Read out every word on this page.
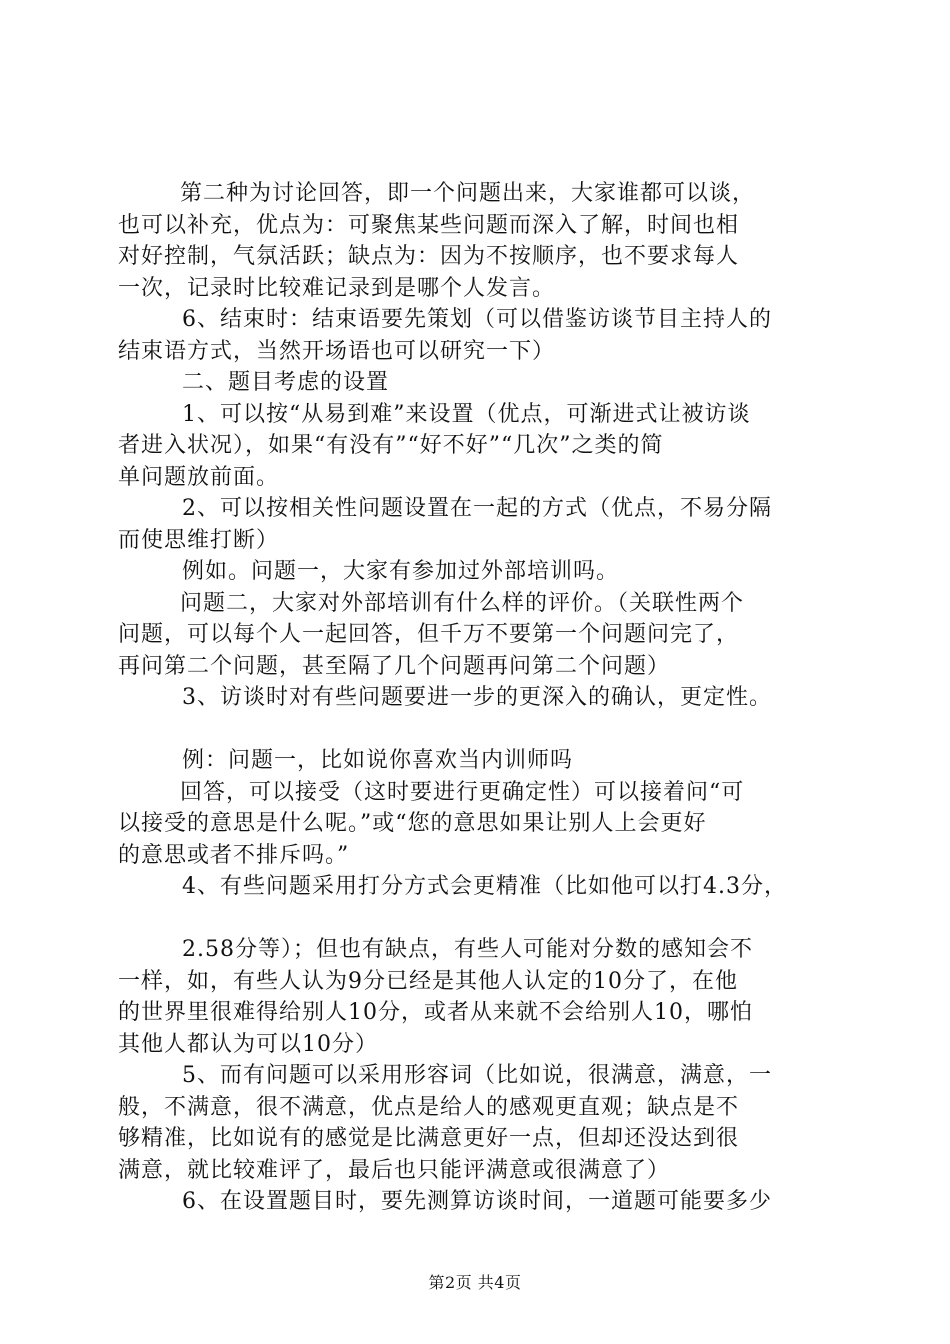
第二种为讨论回答，即一个问题出来，大家谁都可以谈，
也可以补充，优点为：可聚焦某些问题而深入了解，时间也相
对好控制，气氛活跃；缺点为：因为不按顺序，也不要求每人
一次，记录时比较难记录到是哪个人发言。
6、结束时：结束语要先策划（可以借鉴访谈节目主持人的
结束语方式，当然开场语也可以研究一下）
二、题目考虑的设置
1、可以按“从易到难”来设置（优点，可渐进式让被访谈
者进入状况），如果“有没有”“好不好”“几次”之类的简
单问题放前面。
2、可以按相关性问题设置在一起的方式（优点，不易分隔
而使思维打断）
例如。问题一，大家有参加过外部培训吗。
问题二，大家对外部培训有什么样的评价。（关联性两个
问题，可以每个人一起回答，但千万不要第一个问题问完了，
再问第二个问题，甚至隔了几个问题再问第二个问题）
3、访谈时对有些问题要进一步的更深入的确认，更定性。
例：问题一，比如说你喜欢当内训师吗
回答，可以接受（这时要进行更确定性）可以接着问“可
以接受的意思是什么呢。”或“您的意思如果让别人上会更好
的意思或者不排斥吗。”
4、有些问题采用打分方式会更精准（比如他可以打4.3分，
2.58分等）；但也有缺点，有些人可能对分数的感知会不
一样，如，有些人认为9分已经是其他人认定的10分了，在他
的世界里很难得给别人10分，或者从来就不会给别人10，哪怕
其他人都认为可以10分）
5、而有问题可以采用形容词（比如说，很满意，满意，一
般，不满意，很不满意，优点是给人的感观更直观；缺点是不
够精准，比如说有的感觉是比满意更好一点，但却还没达到很
满意，就比较难评了，最后也只能评满意或很满意了）
6、在设置题目时，要先测算访谈时间，一道题可能要多少
第2页 共4页
